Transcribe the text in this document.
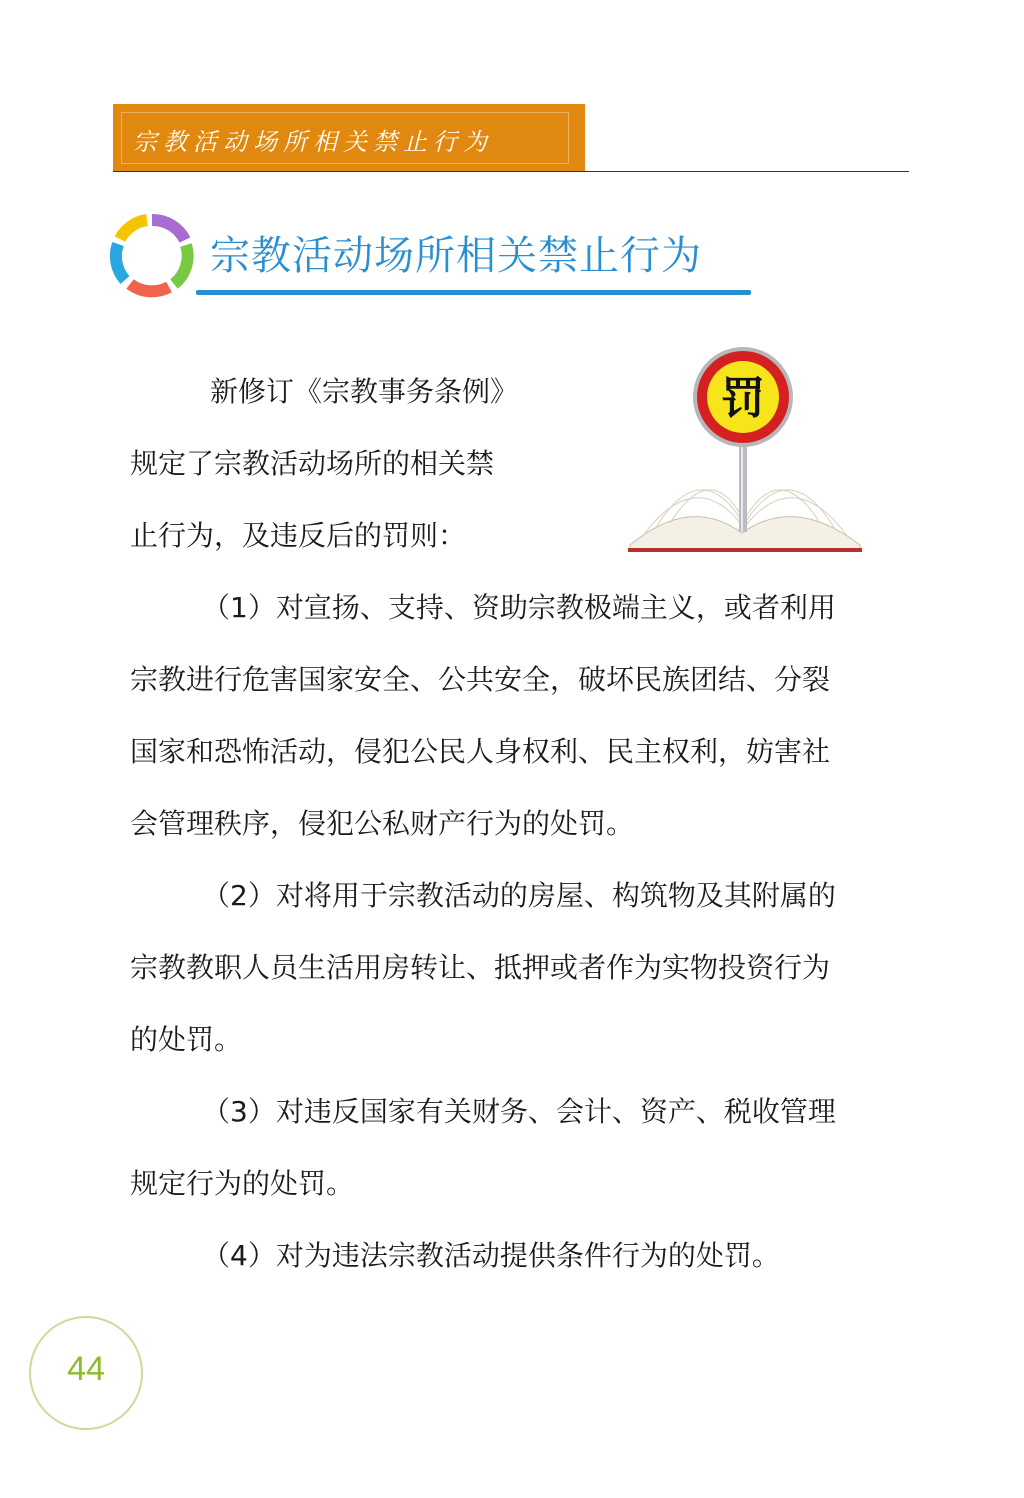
宗教活动场所相关禁止行为
宗教活动场所相关禁止行为
新修订《宗教事务条例》
规定了宗教活动场所的相关禁
止行为，及违反后的罚则：
罚
（1）对宣扬、支持、资助宗教极端主义，或者利用
宗教进行危害国家安全、公共安全，破坏民族团结、分裂
国家和恐怖活动，侵犯公民人身权利、民主权利，妨害社
会管理秩序，侵犯公私财产行为的处罚。
（2）对将用于宗教活动的房屋、构筑物及其附属的
宗教教职人员生活用房转让、抵押或者作为实物投资行为
的处罚。
（3）对违反国家有关财务、会计、资产、税收管理
规定行为的处罚。
（4）对为违法宗教活动提供条件行为的处罚。
44
